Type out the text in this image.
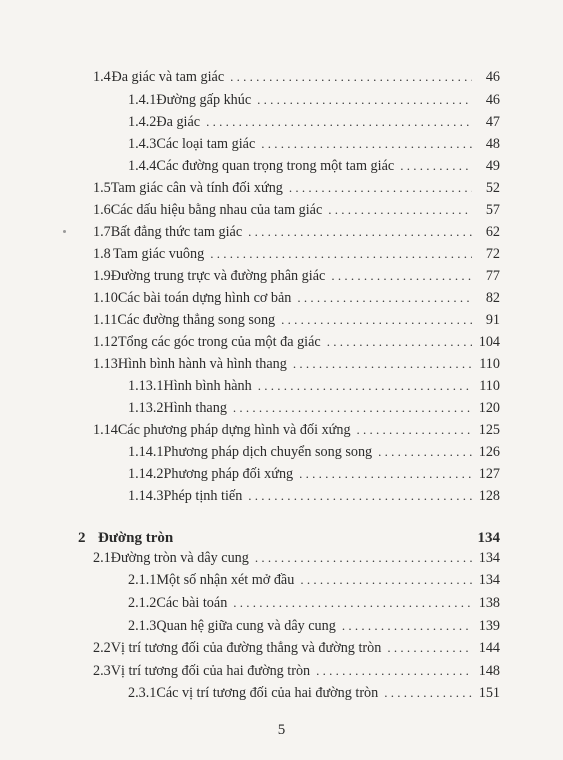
1.4 Đa giác và tam giác . . .	46
1.4.1 Đường gấp khúc . . .	46
1.4.2 Đa giác . . .	47
1.4.3 Các loại tam giác . . .	48
1.4.4 Các đường quan trọng trong một tam giác . . .	49
1.5 Tam giác cân và tính đối xứng . . .	52
1.6 Các dấu hiệu bằng nhau của tam giác . . .	57
1.7 Bất đẳng thức tam giác . . .	62
1.8 Tam giác vuông . . .	72
1.9 Đường trung trực và đường phân giác . . .	77
1.10 Các bài toán dựng hình cơ bản . . .	82
1.11 Các đường thẳng song song . . .	91
1.12 Tổng các góc trong của một đa giác . . .	104
1.13 Hình bình hành và hình thang . . .	110
1.13.1 Hình bình hành . . .	110
1.13.2 Hình thang . . .	120
1.14 Các phương pháp dựng hình và đối xứng . . .	125
1.14.1 Phương pháp dịch chuyển song song . . .	126
1.14.2 Phương pháp đối xứng . . .	127
1.14.3 Phép tịnh tiến . . .	128
2 Đường tròn	134
2.1 Đường tròn và dây cung . . .	134
2.1.1 Một số nhận xét mở đầu . . .	134
2.1.2 Các bài toán . . .	138
2.1.3 Quan hệ giữa cung và dây cung . . .	139
2.2 Vị trí tương đối của đường thẳng và đường tròn . . .	144
2.3 Vị trí tương đối của hai đường tròn . . .	148
2.3.1 Các vị trí tương đối của hai đường tròn . . .	151
5
